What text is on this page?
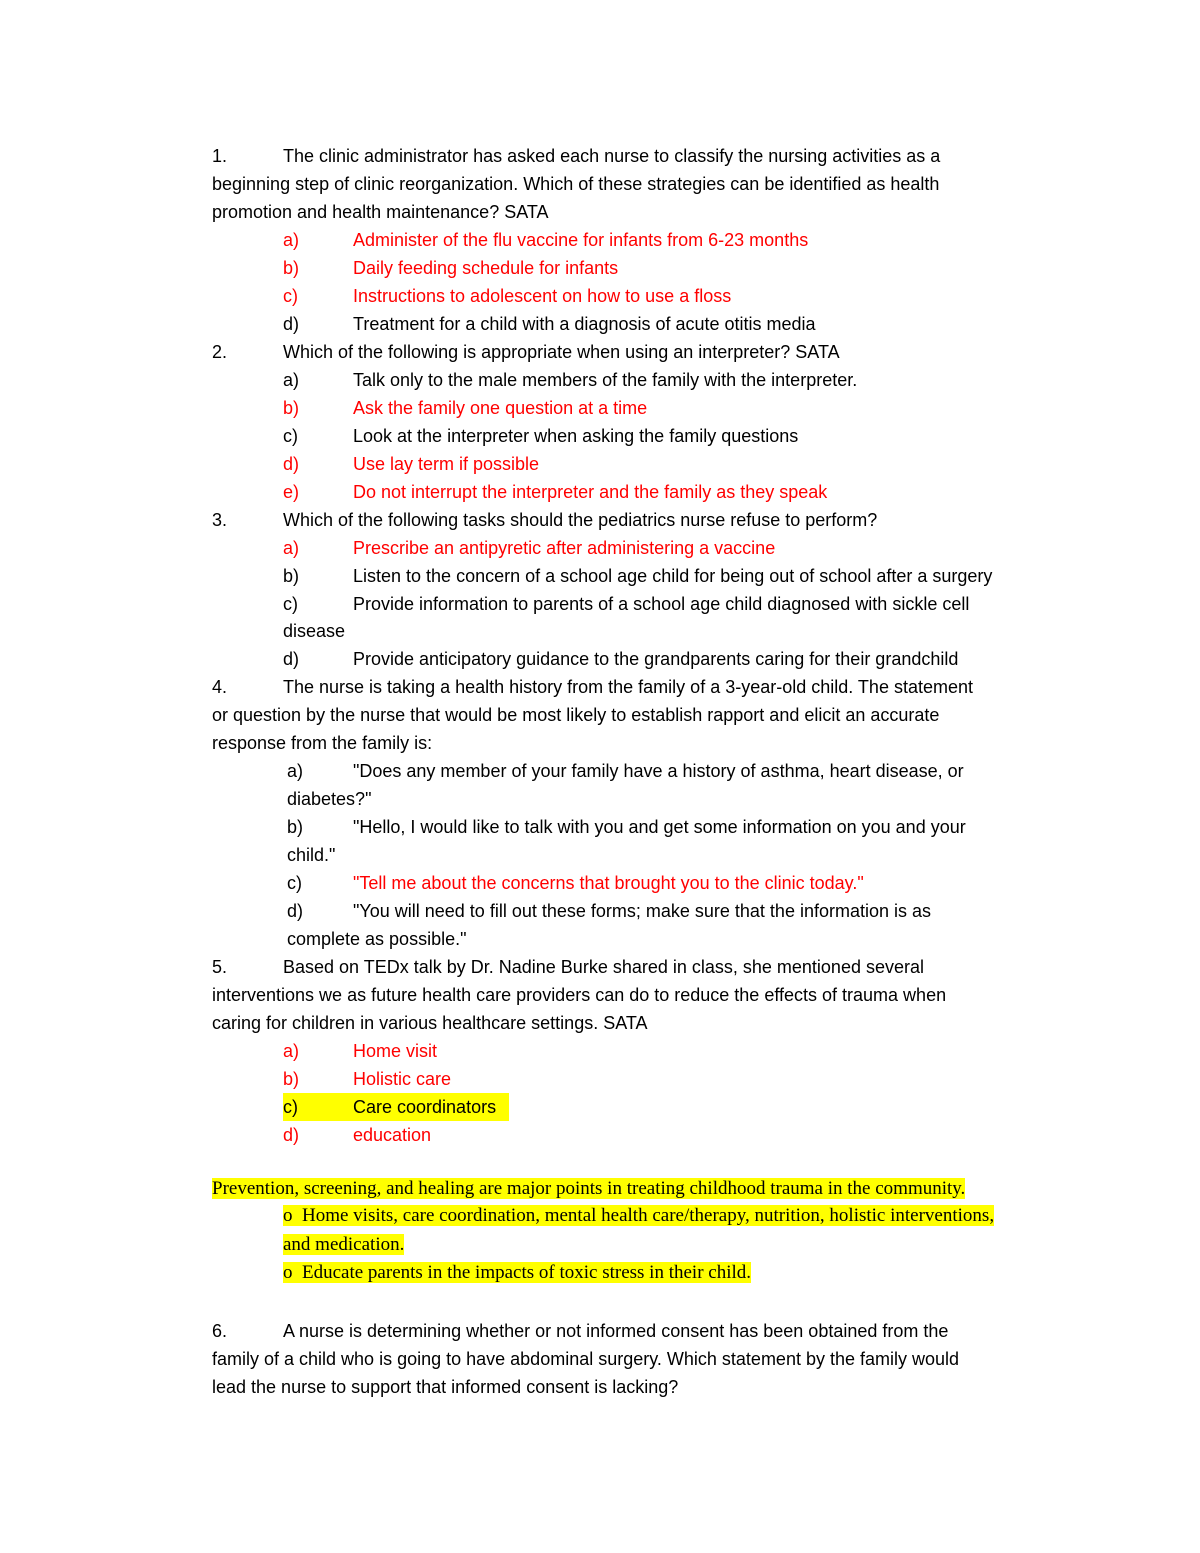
1.	The clinic administrator has asked each nurse to classify the nursing activities as a
beginning step of clinic reorganization. Which of these strategies can be identified as health
promotion and health maintenance? SATA
a)	Administer of the flu vaccine for infants from 6-23 months
b)	Daily feeding schedule for infants
c)	Instructions to adolescent on how to use a floss
d)	Treatment for a child with a diagnosis of acute otitis media
2.	Which of the following is appropriate when using an interpreter? SATA
a)	Talk only to the male members of the family with the interpreter.
b)	Ask the family one question at a time
c)	Look at the interpreter when asking the family questions
d)	Use lay term if possible
e)	Do not interrupt the interpreter and the family as they speak
3.	Which of the following tasks should the pediatrics nurse refuse to perform?
a)	Prescribe an antipyretic after administering a vaccine
b)	Listen to the concern of a school age child for being out of school after a surgery
c)	Provide information to parents of a school age child diagnosed with sickle cell
disease
d)	Provide anticipatory guidance to the grandparents caring for their grandchild
4.	The nurse is taking a health history from the family of a 3-year-old child. The statement
or question by the nurse that would be most likely to establish rapport and elicit an accurate
response from the family is:
a)	"Does any member of your family have a history of asthma, heart disease, or
diabetes?"
b)	"Hello, I would like to talk with you and get some information on you and your
child."
c)	"Tell me about the concerns that brought you to the clinic today."
d)	"You will need to fill out these forms; make sure that the information is as
complete as possible."
5.	Based on TEDx talk by Dr. Nadine Burke shared in class, she mentioned several
interventions we as future health care providers can do to reduce the effects of trauma when
caring for children in various healthcare settings. SATA
a)	Home visit
b)	Holistic care
c)	Care coordinators
d)	education
Prevention, screening, and healing are major points in treating childhood trauma in the community.
o Home visits, care coordination, mental health care/therapy, nutrition, holistic interventions,
and medication.
o Educate parents in the impacts of toxic stress in their child.
6.	A nurse is determining whether or not informed consent has been obtained from the
family of a child who is going to have abdominal surgery. Which statement by the family would
lead the nurse to support that informed consent is lacking?
